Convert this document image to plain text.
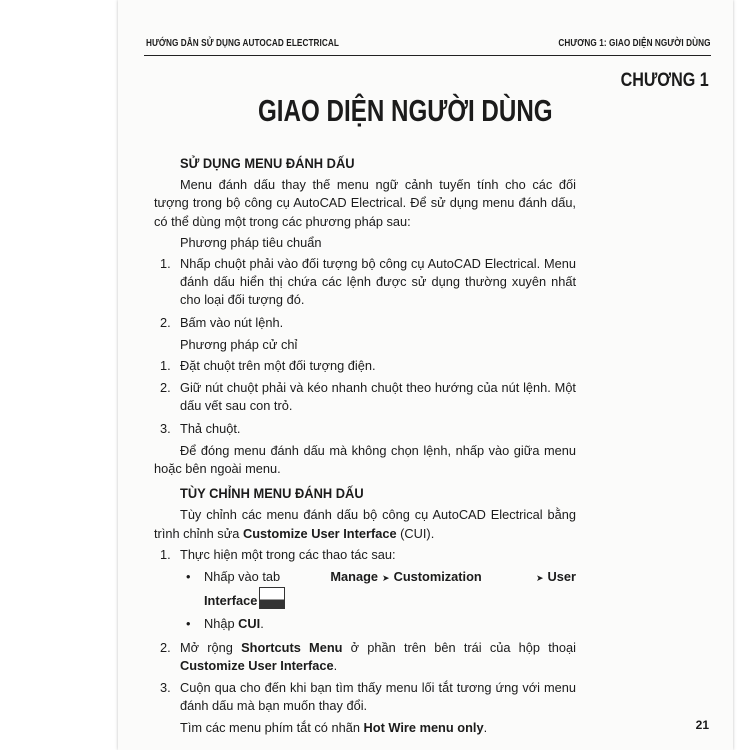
HƯỚNG DẪN SỬ DỤNG AUTOCAD ELECTRICAL	CHƯƠNG 1: GIAO DIỆN NGƯỜI DÙNG
CHƯƠNG 1
GIAO DIỆN NGƯỜI DÙNG
SỬ DỤNG MENU ĐÁNH DẤU

Menu đánh dấu thay thế menu ngữ cảnh tuyến tính cho các đối tượng trong bộ công cụ AutoCAD Electrical. Để sử dụng menu đánh dấu, có thể dùng một trong các phương pháp sau:

Phương pháp tiêu chuẩn
1. Nhấp chuột phải vào đối tượng bộ công cụ AutoCAD Electrical. Menu đánh dấu hiển thị chứa các lệnh được sử dụng thường xuyên nhất cho loại đối tượng đó.
2. Bấm vào nút lệnh.
Phương pháp cử chỉ
1. Đặt chuột trên một đối tượng điện.
2. Giữ nút chuột phải và kéo nhanh chuột theo hướng của nút lệnh. Một dấu vết sau con trỏ.
3. Thả chuột.

Để đóng menu đánh dấu mà không chọn lệnh, nhấp vào giữa menu hoặc bên ngoài menu.

TÙY CHỈNH MENU ĐÁNH DẤU

Tùy chỉnh các menu đánh dấu bộ công cụ AutoCAD Electrical bằng trình chỉnh sửa Customize User Interface (CUI).

1. Thực hiện một trong các thao tác sau:
• Nhấp vào tab	Manage ➤ Customization	➤ User
Interface	CUI
• Nhập CUI.
2. Mở rộng Shortcuts Menu ở phần trên bên trái của hộp thoại Customize User Interface.
3. Cuộn qua cho đến khi bạn tìm thấy menu lối tắt tương ứng với menu đánh dấu mà bạn muốn thay đổi.

Tìm các menu phím tắt có nhãn Hot Wire menu only.	21
